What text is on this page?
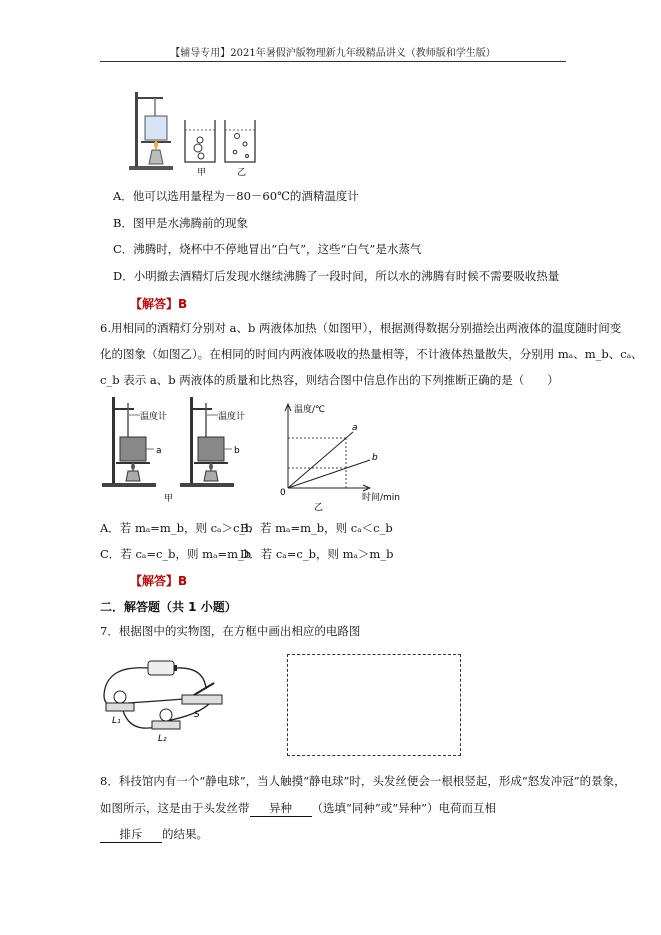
【辅导专用】2021年暑假沪版物理新九年级精品讲义（教师版和学生版）
甲	乙
A．他可以选用量程为－80－60℃的酒精温度计
B．图甲是水沸腾前的现象
C．沸腾时，烧杯中不停地冒出“白气”，这些“白气”是水蒸气
D．小明撤去酒精灯后发现水继续沸腾了一段时间，所以水的沸腾有时候不需要吸收热量
【解答】B
6.用相同的酒精灯分别对 a、b 两液体加热（如图甲），根据测得数据分别描绘出两液体的温度随时间变
化的图象（如图乙）。在相同的时间内两液体吸收的热量相等，不计液体热量散失，分别用 mₐ、m_b、cₐ、
c_b 表示 a、b 两液体的质量和比热容，则结合图中信息作出的下列推断正确的是（　　）
温度计
a
温度计
b
甲
温度/℃
时间/min
0
a
b
乙
A．若 mₐ=m_b，则 cₐ＞c_b
B．若 mₐ=m_b，则 cₐ＜c_b
C．若 cₐ=c_b，则 mₐ=m_b
D．若 cₐ=c_b，则 mₐ＞m_b
【解答】B
二．解答题（共 1 小题）
7．根据图中的实物图，在方框中画出相应的电路图
L₁
L₂
S
8．科技馆内有一个“静电球”，当人触摸“静电球”时，头发丝便会一根根竖起，形成“怒发冲冠”的景象，
如图所示，这是由于头发丝带 异种 （选填“同种”或“异种”）电荷而互相
排斥 的结果。
